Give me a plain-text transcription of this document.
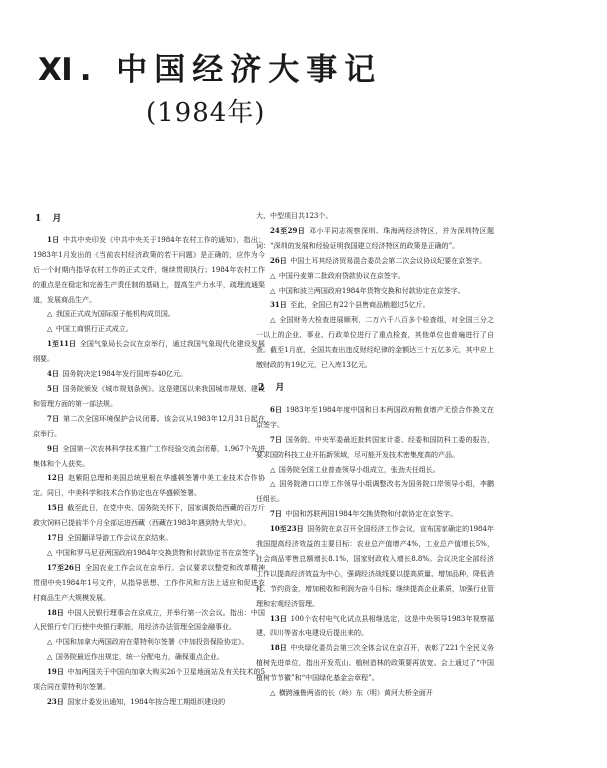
Ⅺ. 中国经济大事记
(1984年)
1 月

1日  中共中央印发《中共中央关于1984年农村工作的通知》，指出：1983年1月发出的《当前农村经济政策的若干问题》是正确的，应作为今后一个时期内指导农村工作的正式文件，继续贯彻执行；1984年农村工作的重点是在稳定和完善生产责任制的基础上，提高生产力水平，疏理流通渠道，发展商品生产。

△  我国正式成为国际原子能机构成员国。

△  中国工商银行正式成立。

1至11日  全国气象局长会议在京举行，通过我国气象现代化建设发展纲要。

4日  国务院决定1984年发行国库券40亿元。

5日  国务院颁发《城市规划条例》。这是建国以来我国城市规划、建设和管理方面的第一部法规。

7日  第二次全国环境保护会议闭幕。该会议从1983年12月31日起在京举行。

9日  全国第一次农林科学技术推广工作经验交流会闭幕，1,967个先进集体和个人获奖。

12日  赵紫阳总理和美国总统里根在华盛顿签署中美工业技术合作协定。同日，中美科学和技术合作协定也在华盛顿签署。

15日  截至此日，在党中央、国务院关怀下，国家调拨给西藏的百万斤救灾饲料已提前半个月全部运进西藏（西藏在1983年遇到特大旱灾）。

17日  全国翻译导游工作会议在京结束。

△  中国和罗马尼亚两国政府1984年交换货物和付款协定书在京签字。

17至26日  全国农业工作会议在京举行。会议要求以整党和改革精神贯彻中央1984年1号文件，从指导思想、工作作风和方法上适应和促进农村商品生产大规模发展。

18日  中国人民银行理事会在京成立，并举行第一次会议。指出：中国人民银行专门行使中央银行职能，用经济办法管理全国金融事业。

△  中国和加拿大两国政府在蒙特利尔签署《中加投资保险协定》。

△  国务院最近作出规定，统一分配电力，确保重点企业。

19日  中加两国关于中国向加拿大购买26个卫星地面站及有关技术的5项合同在蒙特利尔签署。

23日  国家计委发出通知，1984年按合理工期组织建设的

大、中型项目共123个。

24至29日  邓小平同志视察深圳、珠海两经济特区，并为深圳特区题词：“深圳的发展和经验证明我国建立经济特区的政策是正确的”。

26日  中国土耳其经济贸易混合委员会第二次会议协议纪要在京签字。

△  中国丹麦第二批政府贷款协议在京签字。

△  中国和波兰两国政府1984年货物交换和付款协定在京签字。

31日  至此，全国已有22个县售商品粮超过5亿斤。

△  全国财务大检查进展顺利，二万六千八百多个检查组，对全国三分之一以上的企业、事业、行政单位进行了重点检查，其他单位也普遍进行了自查。截至1月底，全国共查出违反财经纪律的金额达三十五亿多元，其中应上缴财政的有19亿元，已入库13亿元。

2 月

6日  1983年至1984年度中国和日本两国政府粮食增产无偿合作换文在京签字。

7日  国务院、中央军委最近批转国家计委、经委和国防科工委的报告，要求国防科技工业开拓新领域，尽可能开发技术密集度高的产品。

△  国务院全国工业普查领导小组成立，张劲夫任组长。

△  国务院港口口岸工作领导小组调整改名为国务院口岸领导小组，李鹏任组长。

7日  中国和苏联两国1984年交换货物和付款协定在京签字。

10至23日  国务院在京召开全国经济工作会议，宣布国家确定的1984年我国提高经济效益的主要目标：农业总产值增产4%，工业总产值增长5%，社会商品零售总额增长8.1%，国家财政收入增长8.8%。会议决定全部经济工作以提高经济效益为中心，强调经济战线要以提高质量、增加品种，降低消耗、节约资金，增加税收和利润为奋斗目标；继续提高企业素质，加强行业管理和宏观经济管理。

13日  100个农村电气化试点县相继选定，这是中央领导1983年视察福建、四川等省水电建设后提出来的。

18日  中央绿化委员会第三次全体会议在京召开，表彰了221个全民义务植树先进单位，指出开发荒山、植树造林的政策要再放宽。会上通过了“中国植树节节徽”和“中国绿化基金会章程”。

△  横跨潼鲁两省的长（岭）东（明）黄河大桥全面开
